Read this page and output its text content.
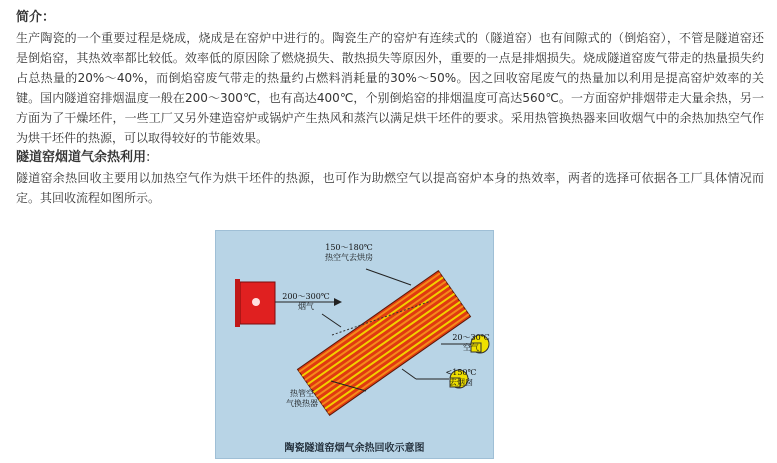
简介：

生产陶瓷的一个重要过程是烧成，烧成是在窑炉中进行的。陶瓷生产的窑炉有连续式的（隧道窑）也有间隙式的（倒焰窑），不管是隧道窑还是倒焰窑，其热效率都比较低。效率低的原因除了燃烧损失、散热损失等原因外，重要的一点是排烟损失。烧成隧道窑废气带走的热量损失约占总热量的20%～40%，而倒焰窑废气带走的热量约占燃料消耗量的30%～50%。因之回收窑尾废气的热量加以利用是提高窑炉效率的关键。国内隧道窑排烟温度一般在200～300℃，也有高达400℃，个别倒焰窑的排烟温度可高达560℃。一方面窑炉排烟带走大量余热，另一方面为了干燥坯件，一些工厂又另外建造窑炉或锅炉产生热风和蒸汽以满足烘干坯件的要求。采用热管换热器来回收烟气中的余热加热空气作为烘干坯件的热源，可以取得较好的节能效果。

隧道窑烟道气余热利用:

隧道窑余热回收主要用以加热空气作为烘干坯件的热源，也可作为助燃空气以提高窑炉本身的热效率，两者的选择可依据各工厂具体情况而定。其回收流程如图所示。

150～180℃
热空气去烘房
200～300℃
烟气
20～30℃
空气
<150℃
去烟囱
热管空
气换热器
陶瓷隧道窑烟气余热回收示意图
